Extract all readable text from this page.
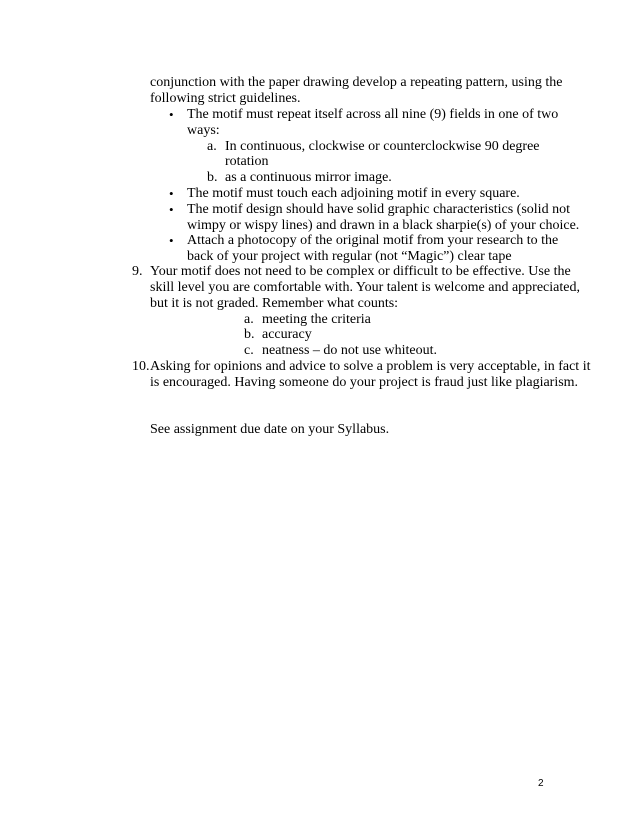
conjunction with the paper drawing develop a repeating pattern, using the
following strict guidelines.
• The motif must repeat itself across all nine (9) fields in one of two
ways:
a. In continuous, clockwise or counterclockwise 90 degree
rotation
b. as a continuous mirror image.
• The motif must touch each adjoining motif in every square.
• The motif design should have solid graphic characteristics (solid not
wimpy or wispy lines) and drawn in a black sharpie(s) of your choice.
• Attach a photocopy of the original motif from your research to the
back of your project with regular (not “Magic”) clear tape
9. Your motif does not need to be complex or difficult to be effective. Use the
skill level you are comfortable with. Your talent is welcome and appreciated,
but it is not graded. Remember what counts:
a. meeting the criteria
b. accuracy
c. neatness – do not use whiteout.
10. Asking for opinions and advice to solve a problem is very acceptable, in fact it
is encouraged. Having someone do your project is fraud just like plagiarism.
See assignment due date on your Syllabus.
2
